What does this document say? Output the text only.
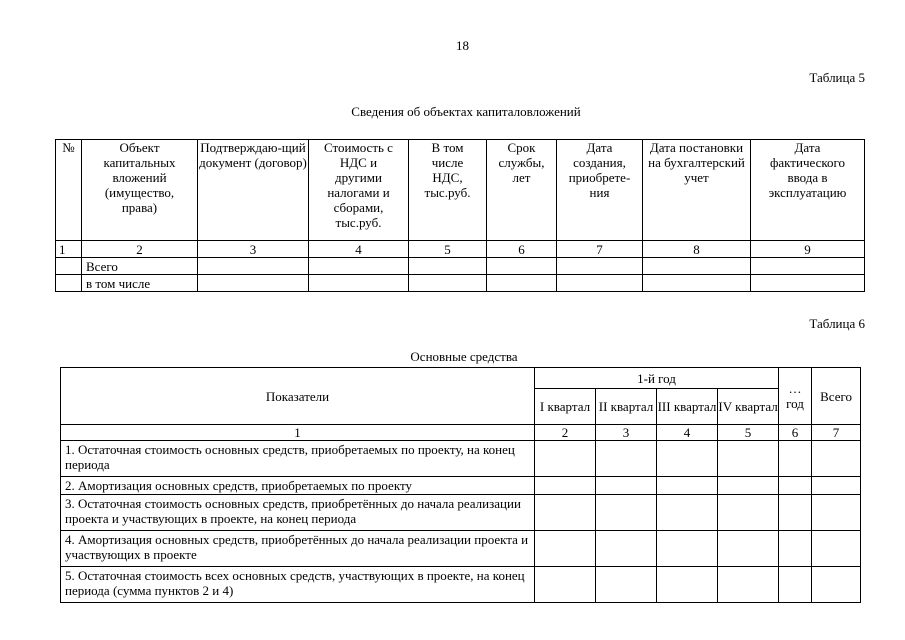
18
Таблица 5
Сведения об объектах капиталовложений
№	Объект капитальных вложений (имущество, права)	Подтверждаю-щий документ (договор)	Стоимость с НДС и другими налогами и сборами, тыс.руб.	В том числе НДС, тыс.руб.	Срок службы, лет	Дата создания, приобрете-ния	Дата постановки на бухгалтерский учет	Дата фактического ввода в эксплуатацию
1	2	3	4	5	6	7	8	9
	Всего							
	в том числе							
Таблица 6
Основные средства
Показатели	1-й год				… год	Всего
	I квартал	II квартал	III квартал	IV квартал		
1	2	3	4	5	6	7
1. Остаточная стоимость основных средств, приобретаемых по проекту, на конец периода						
2. Амортизация основных средств, приобретаемых по проекту						
3. Остаточная стоимость основных средств, приобретённых до начала реализации проекта и участвующих в проекте, на конец периода						
4. Амортизация основных средств, приобретённых до начала реализации проекта и участвующих в проекте						
5. Остаточная стоимость всех основных средств, участвующих в проекте, на конец периода (сумма пунктов 2 и 4)						
